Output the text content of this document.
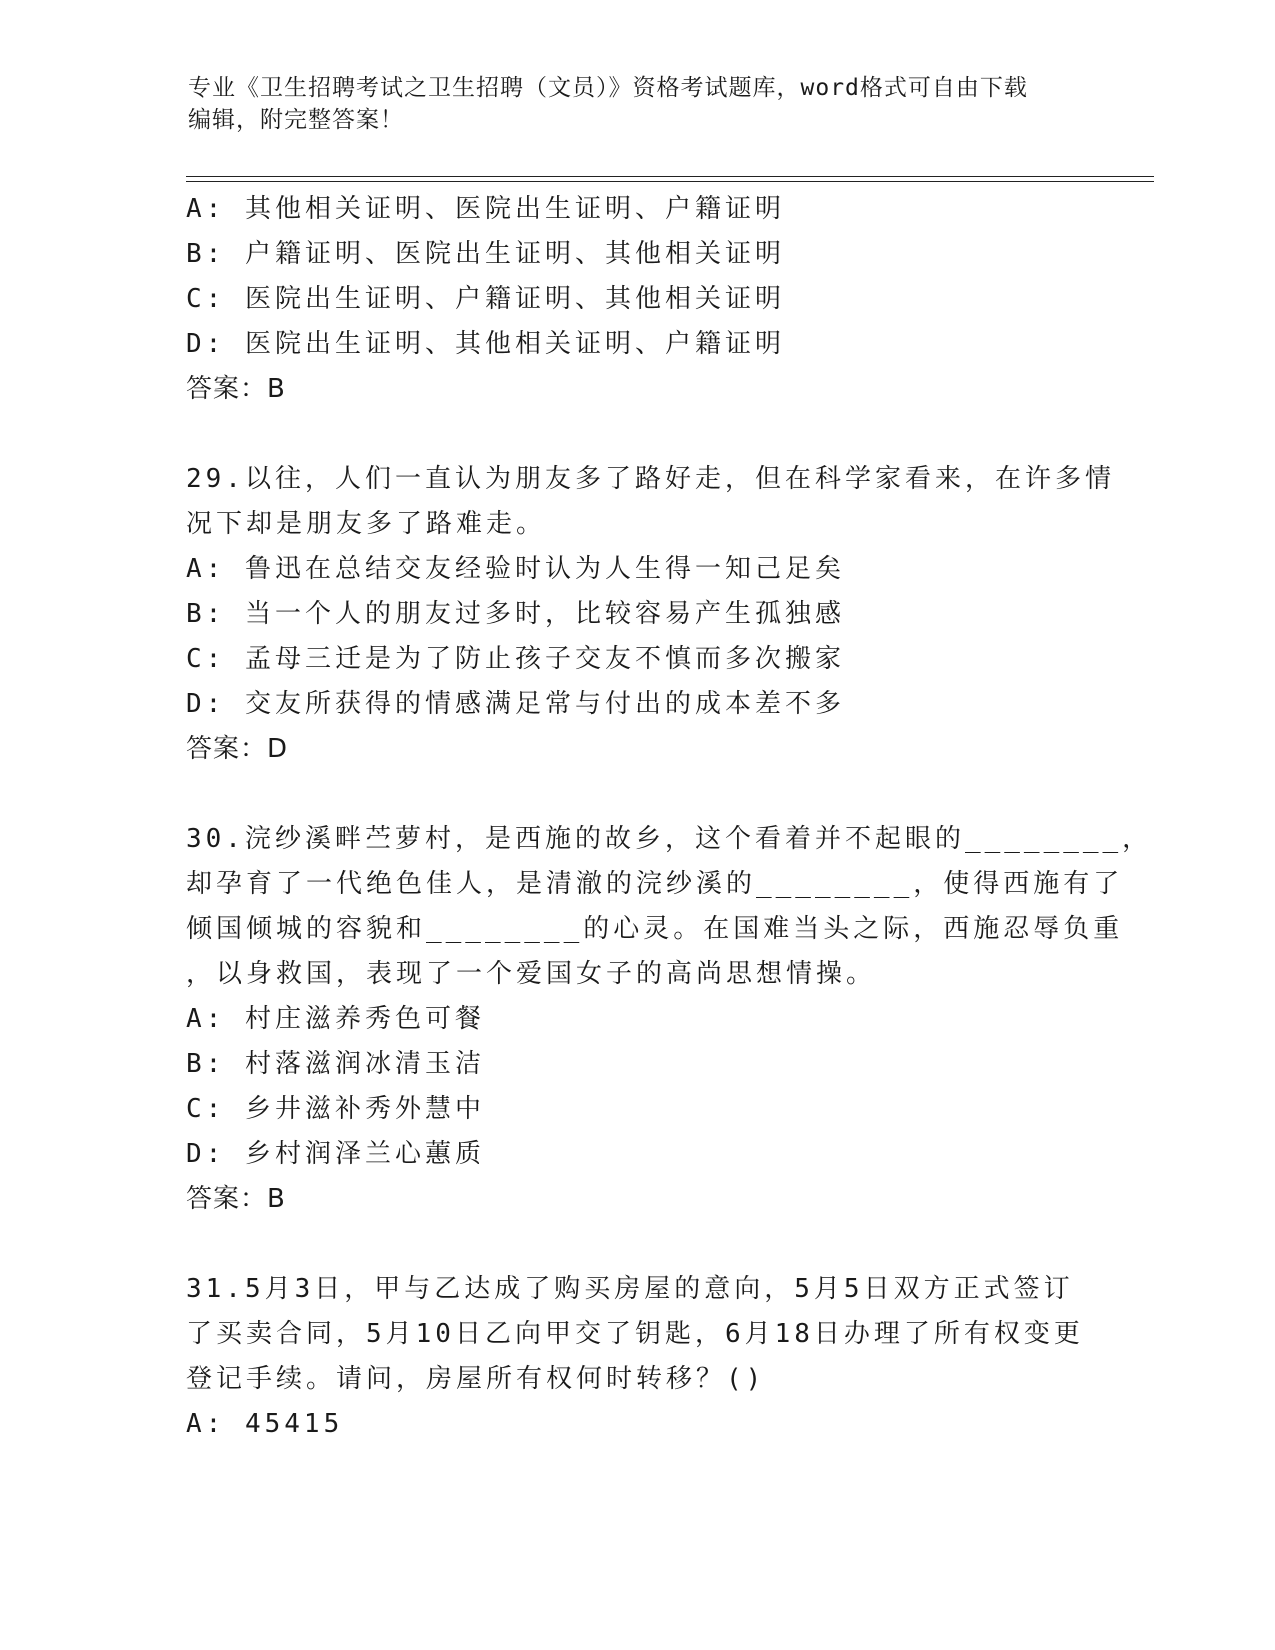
专业《卫生招聘考试之卫生招聘（文员）》资格考试题库，word格式可自由下载
编辑，附完整答案！
A: 其他相关证明、医院出生证明、户籍证明
B: 户籍证明、医院出生证明、其他相关证明
C: 医院出生证明、户籍证明、其他相关证明
D: 医院出生证明、其他相关证明、户籍证明
答案：B
29.以往，人们一直认为朋友多了路好走，但在科学家看来，在许多情
况下却是朋友多了路难走。
A: 鲁迅在总结交友经验时认为人生得一知己足矣
B: 当一个人的朋友过多时，比较容易产生孤独感
C: 孟母三迁是为了防止孩子交友不慎而多次搬家
D: 交友所获得的情感满足常与付出的成本差不多
答案：D
30.浣纱溪畔苎萝村，是西施的故乡，这个看着并不起眼的________，
却孕育了一代绝色佳人，是清澈的浣纱溪的________，使得西施有了
倾国倾城的容貌和________的心灵。在国难当头之际，西施忍辱负重
，以身救国，表现了一个爱国女子的高尚思想情操。
A: 村庄滋养秀色可餐
B: 村落滋润冰清玉洁
C: 乡井滋补秀外慧中
D: 乡村润泽兰心蕙质
答案：B
31.5月3日，甲与乙达成了购买房屋的意向，5月5日双方正式签订
了买卖合同，5月10日乙向甲交了钥匙，6月18日办理了所有权变更
登记手续。请问，房屋所有权何时转移？()
A: 45415
